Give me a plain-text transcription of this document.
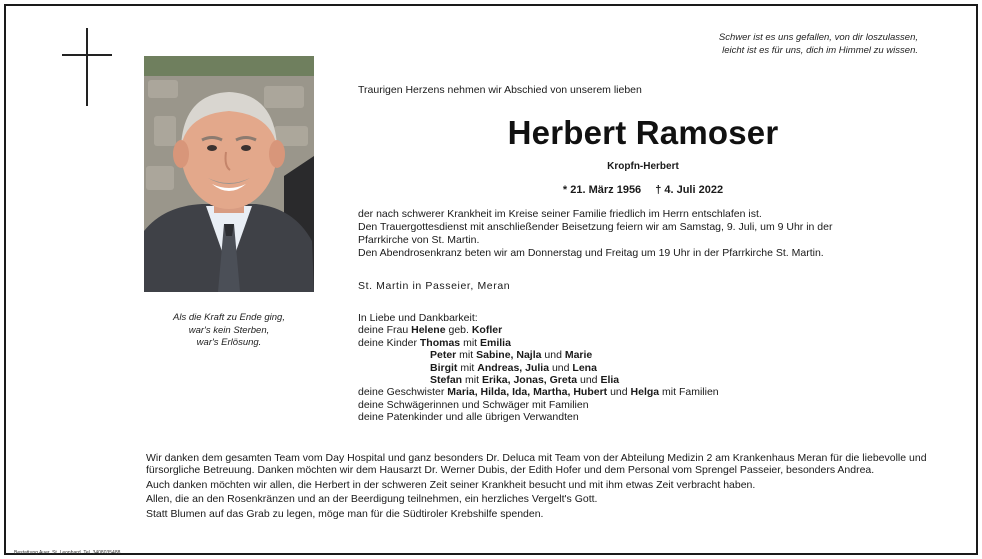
Als die Kraft zu Ende ging,
war's kein Sterben,
war's Erlösung.
Schwer ist es uns gefallen, von dir loszulassen,
leicht ist es für uns, dich im Himmel zu wissen.
Traurigen Herzens nehmen wir Abschied von unserem lieben
Herbert Ramoser
Kropfn-Herbert
* 21. März 1956 † 4. Juli 2022
der nach schwerer Krankheit im Kreise seiner Familie friedlich im Herrn entschlafen ist.
Den Trauergottesdienst mit anschließender Beisetzung feiern wir am Samstag, 9. Juli, um 9 Uhr in der
Pfarrkirche von St. Martin.
Den Abendrosenkranz beten wir am Donnerstag und Freitag um 19 Uhr in der Pfarrkirche St. Martin.
St. Martin in Passeier, Meran
In Liebe und Dankbarkeit:
deine Frau Helene geb. Kofler
deine Kinder Thomas mit Emilia
Peter mit Sabine, Najla und Marie
Birgit mit Andreas, Julia und Lena
Stefan mit Erika, Jonas, Greta und Elia
deine Geschwister Maria, Hilda, Ida, Martha, Hubert und Helga mit Familien
deine Schwägerinnen und Schwäger mit Familien
deine Patenkinder und alle übrigen Verwandten

Wir danken dem gesamten Team vom Day Hospital und ganz besonders Dr. Deluca mit Team von der Abteilung Medizin 2 am Krankenhaus Meran für die liebevolle und fürsorgliche Betreuung. Danken möchten wir dem Hausarzt Dr. Werner Dubis, der Edith Hofer und dem Personal vom Sprengel Passeier, besonders Andrea.

Auch danken möchten wir allen, die Herbert in der schweren Zeit seiner Krankheit besucht und mit ihm etwas Zeit verbracht haben.

Allen, die an den Rosenkränzen und an der Beerdigung teilnehmen, ein herzliches Vergelt's Gott.

Statt Blumen auf das Grab zu legen, möge man für die Südtiroler Krebshilfe spenden.

Bestattung Auer, St. Leonhard, Tel. 3408035488
